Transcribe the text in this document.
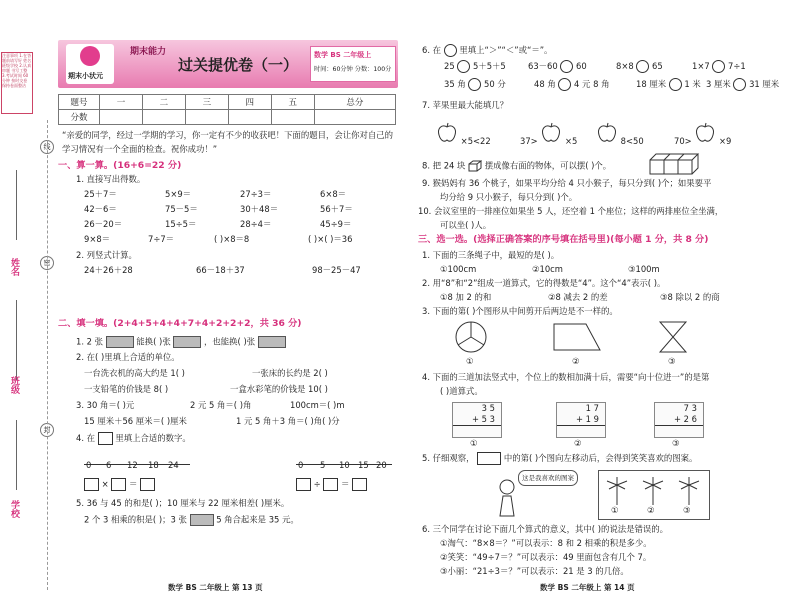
注意事项 1.在答题前请写好 姓名班级学校 2.认真审题 书写工整 3.考试时间 60分钟 按时交卷 保持卷面整洁
姓名	密
班级
封
学校
线
期末小状元
期末能力
过关提优卷（一）
数学 BS 二年级上
时间：60分钟 分数：100分
题号	一	二	三	四	五	总分
分数						
“亲爱的同学，经过一学期的学习，你一定有不少的收获吧！下面的题目，会让你对自己的学习情况有一个全面的检查。祝你成功！”
一、算一算。(16+6=22 分)
1. 直接写出得数。
25＋7＝	5×9＝	27÷3＝	6×8＝
42－6＝	75－5＝	30＋48＝	56＋7＝
26－20＝	15÷5＝	28÷4＝	45÷9＝
9×8＝	7÷7＝	( )×8＝8	( )×( )＝36
2. 列竖式计算。
24＋26＋28	66－18＋37	98－25－47
二、填一填。(2+4+5+4+4+7+4+2+2+2，共 36 分)
1. 2 张	能换( )张	，也能换( )张
2. 在( )里填上合适的单位。
一台洗衣机的高大约是 1( )	一张床的长约是 2( )
一支铅笔的价钱是 8( )	一盒水彩笔的价钱是 10( )
3. 30 角＝( )元	2 元 5 角＝( )角	100cm＝( )m
15 厘米＋56 厘米＝( )厘米	1 元 5 角＋3 角＝( )角( )分
4. 在 里填上合适的数字。
0 6 12 18 24
× ＝
0 5 10 15 20
÷ ＝
5. 36 与 45 的和是( )；10 厘米与 22 厘米相差( )厘米。
2 个 3 相乘的积是( )；3 张	5 角合起来是 35 元。
数学 BS 二年级上 第 13 页
6. 在 里填上“＞”“＜”或“＝”。
25 5＋5＋5	63－60 60	8×8 65	1×7 7÷1
35 角 50 分	48 角 4 元 8 角	18 厘米 1 米 3 厘米 31 厘米
7. 苹果里最大能填几？
×5<22	37>	×5	8<50	70>	×9
8. 把 24 块 摆成像右面的物体，可以摆( )个。
9. 猴妈妈有 36 个桃子，如果平均分给 4 只小猴子，每只分到( )个；如果要平
均分给 9 只小猴子，每只分到( )个。
10. 会议室里的一排座位如果坐 5 人，还空着 1 个座位；这样的两排座位全坐满，
可以坐( )人。
三、选一选。(选择正确答案的序号填在括号里)(每小题 1 分，共 8 分)
1. 下面的三条绳子中，最短的是( )。
①100cm	②10cm	③100m
2. 用“8”和“2”组成一道算式，它的得数是“4”。这个“4”表示( )。
①8 加 2 的和	②8 减去 2 的差	③8 除以 2 的商
3. 下面的第( )个图形从中间剪开后两边是不一样的。
①	②	③
4. 下面的三道加法竖式中，个位上的数相加满十后，需要“向十位进一”的是第
( )道算式。
3 5
+ 5 3
①
1 7
+ 1 9
②
7 3
+ 2 6
③
5. 仔细观察，	中的第( )个图向左移动后，会得到笑笑喜欢的图案。
这是我喜欢的图案
①	②	③
6. 三个同学在讨论下面几个算式的意义，其中( )的说法是错误的。
①淘气：“8×8＝？”可以表示：8 和 2 相乘的积是多少。
②笑笑：“49÷7＝？”可以表示：49 里面包含有几个 7。
③小丽：“21÷3＝？”可以表示：21 是 3 的几倍。
数学 BS 二年级上 第 14 页
